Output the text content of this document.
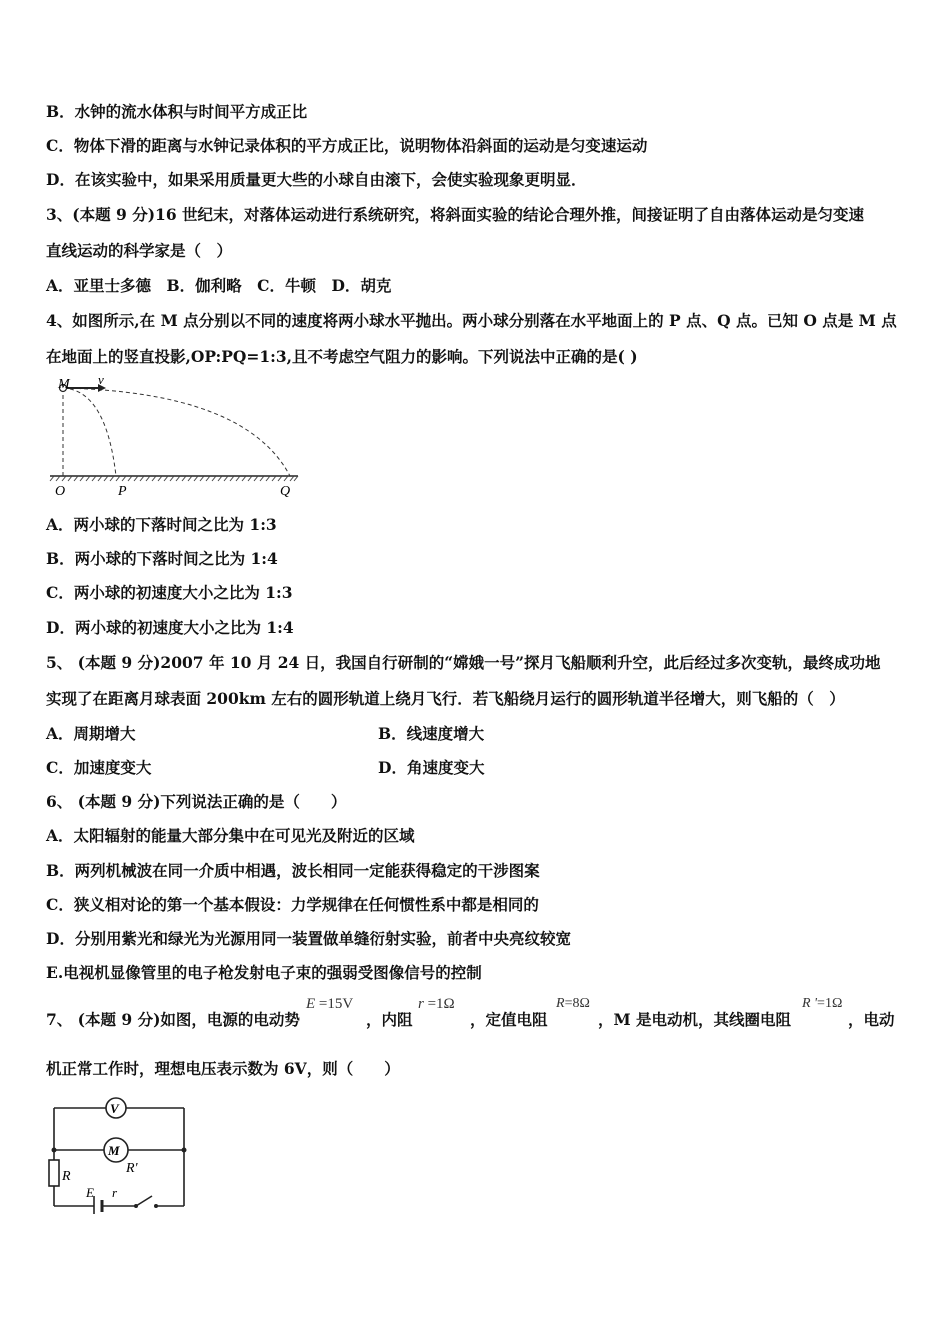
B．水钟的流水体积与时间平方成正比
C．物体下滑的距离与水钟记录体积的平方成正比，说明物体沿斜面的运动是匀变速运动
D．在该实验中，如果采用质量更大些的小球自由滚下，会使实验现象更明显．
3、(本题 9 分)16 世纪末，对落体运动进行系统研究，将斜面实验的结论合理外推，间接证明了自由落体运动是匀变速
直线运动的科学家是（　）
A．亚里士多德　B．伽利略　C．牛顿　D．胡克
4、如图所示,在 M 点分别以不同的速度将两小球水平抛出。两小球分别落在水平地面上的 P 点、Q 点。已知 O 点是 M 点
在地面上的竖直投影,OP:PQ=1:3,且不考虑空气阻力的影响。下列说法中正确的是( )
M v
O	P	Q
A．两小球的下落时间之比为 1:3
B．两小球的下落时间之比为 1:4
C．两小球的初速度大小之比为 1:3
D．两小球的初速度大小之比为 1:4
5、 (本题 9 分)2007 年 10 月 24 日，我国自行研制的“嫦娥一号”探月飞船顺利升空，此后经过多次变轨，最终成功地
实现了在距离月球表面 200km 左右的圆形轨道上绕月飞行．若飞船绕月运行的圆形轨道半径增大，则飞船的（　）
A．周期增大	B．线速度增大
C．加速度变大	D．角速度变大
6、 (本题 9 分)下列说法正确的是（　　）
A．太阳辐射的能量大部分集中在可见光及附近的区域
B．两列机械波在同一介质中相遇，波长相同一定能获得稳定的干涉图案
C．狭义相对论的第一个基本假设：力学规律在任何惯性系中都是相同的
D．分别用紫光和绿光为光源用同一装置做单缝衍射实验，前者中央亮纹较宽
E.电视机显像管里的电子枪发射电子束的强弱受图像信号的控制
7、 (本题 9 分)如图，电源的电动势
E =15V
，内阻
r =1Ω
，定值电阻
R=8Ω
，M 是电动机，其线圈电阻
R '=1Ω
，电动
机正常工作时，理想电压表示数为 6V，则（　　）
V
M
R'
R
E r
